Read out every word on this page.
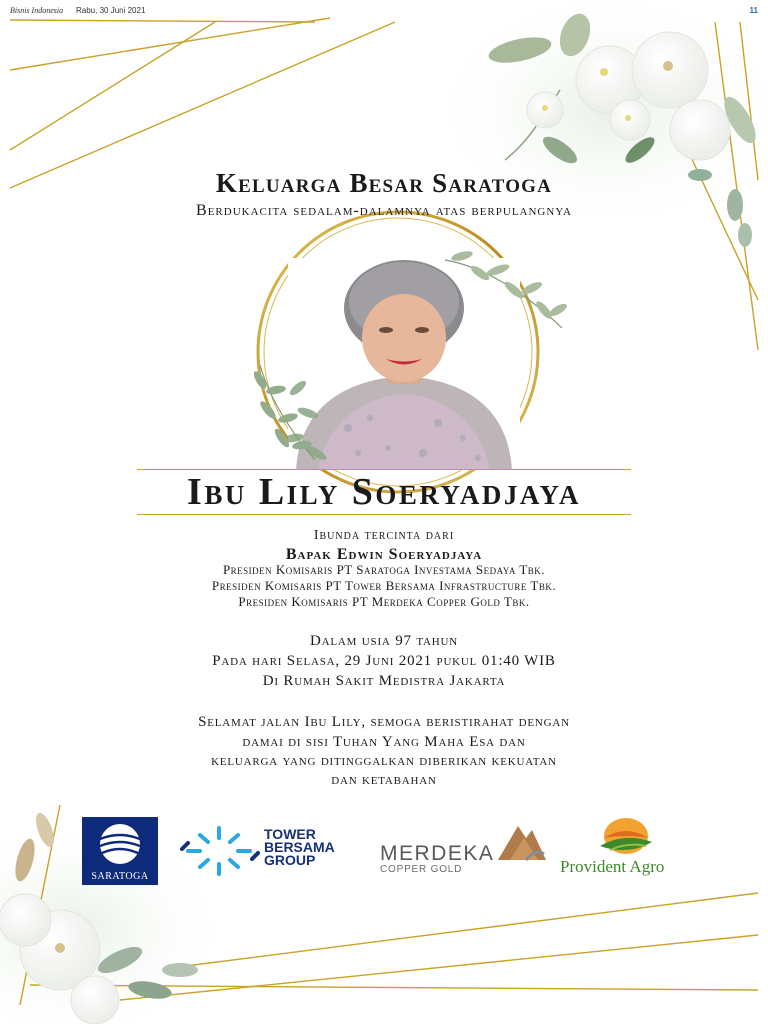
Bisnis Indonesia Rabu, 30 Juni 2021	11
Keluarga Besar Saratoga
Berdukacita sedalam-dalamnya atas berpulangnya
Ibu Lily Soeryadjaya
Ibunda tercinta dari
Bapak Edwin Soeryadjaya
Presiden Komisaris PT Saratoga Investama Sedaya Tbk.
Presiden Komisaris PT Tower Bersama Infrastructure Tbk.
Presiden Komisaris PT Merdeka Copper Gold Tbk.
Dalam usia 97 tahun
Pada hari Selasa, 29 Juni 2021 pukul 01:40 WIB
Di Rumah Sakit Medistra Jakarta
Selamat jalan Ibu Lily, semoga beristirahat dengan
damai di sisi Tuhan Yang Maha Esa dan
keluarga yang ditinggalkan diberikan kekuatan
dan ketabahan
SARATOGA
TOWER
BERSAMA
GROUP	MERDEKA
COPPER GOLD	Provident Agro
